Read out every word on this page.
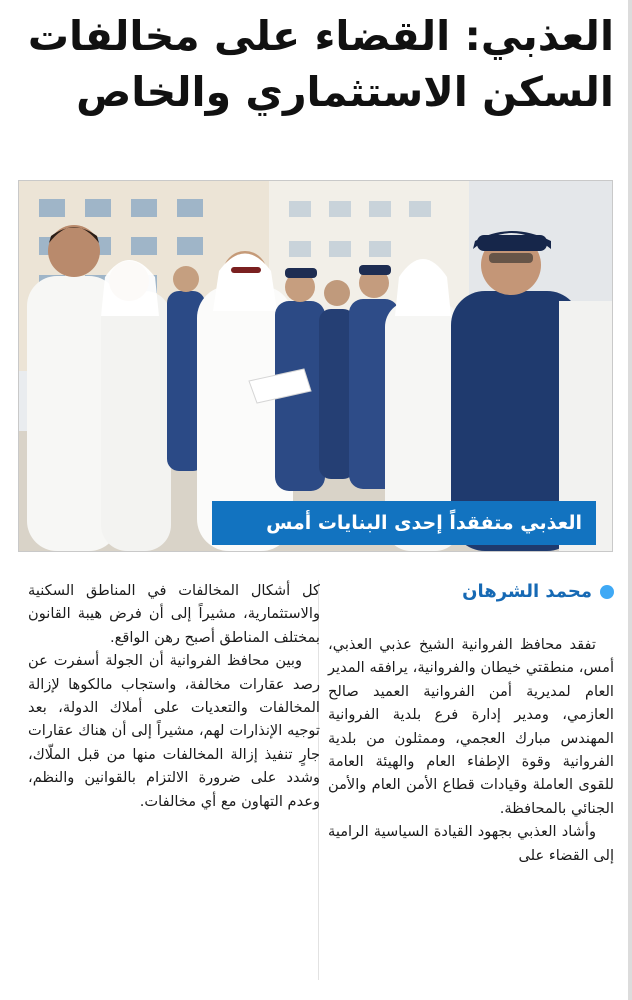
العذبي: القضاء على مخالفات
السكن الاستثماري والخاص
العذبي متفقداً إحدى البنايات أمس
محمد الشرهان

تفقد محافظ الفروانية الشيخ عذبي العذبي، أمس، منطقتي خيطان والفروانية، يرافقه المدير العام لمديرية أمن الفروانية العميد صالح العازمي، ومدير إدارة فرع بلدية الفروانية المهندس مبارك العجمي، وممثلون من بلدية الفروانية وقوة الإطفاء العام والهيئة العامة للقوى العاملة وقيادات قطاع الأمن العام والأمن الجنائي بالمحافظة.

وأشاد العذبي بجهود القيادة السياسية الرامية إلى القضاء على

كل أشكال المخالفات في المناطق السكنية والاستثمارية، مشيراً إلى أن فرض هيبة القانون بمختلف المناطق أصبح رهن الواقع.

وبين محافظ الفروانية أن الجولة أسفرت عن رصد عقارات مخالفة، واستجاب مالكوها لإزالة المخالفات والتعديات على أملاك الدولة، بعد توجيه الإنذارات لهم، مشيراً إلى أن هناك عقارات جارٍ تنفيذ إزالة المخالفات منها من قبل الملّاك، وشدد على ضرورة الالتزام بالقوانين والنظم، وعدم التهاون مع أي مخالفات.
